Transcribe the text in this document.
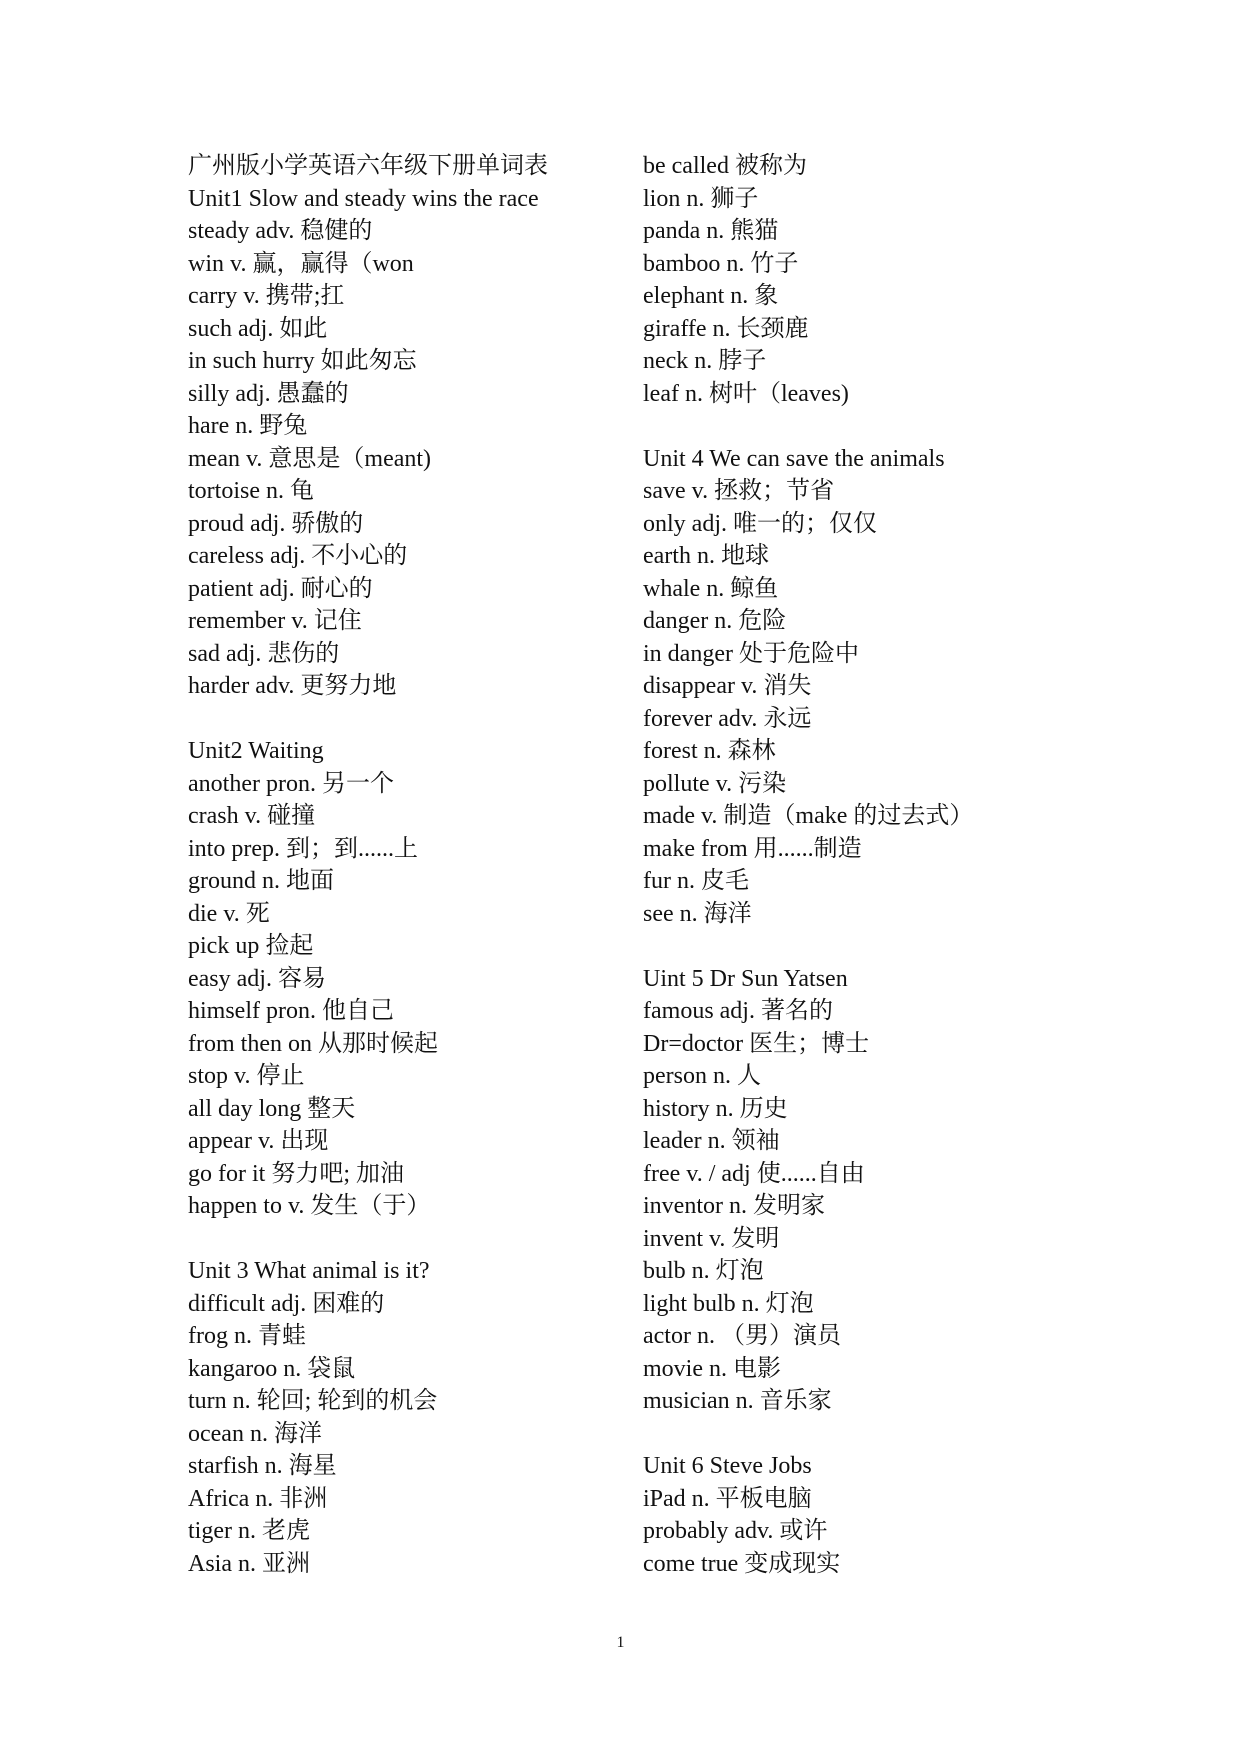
广州版小学英语六年级下册单词表
Unit1 Slow and steady wins the race
steady adv. 稳健的
win v. 赢，赢得（won
carry v. 携带;扛
such adj. 如此
in such hurry 如此匆忘
silly adj. 愚蠢的
hare n. 野兔
mean v. 意思是（meant)
tortoise n. 龟
proud adj. 骄傲的
careless adj. 不小心的
patient adj. 耐心的
remember v. 记住
sad adj. 悲伤的
harder adv. 更努力地
Unit2 Waiting
another pron. 另一个
crash v. 碰撞
into prep. 到；到......上
ground n. 地面
die v. 死
pick up 捡起
easy adj. 容易
himself pron. 他自己
from then on 从那时候起
stop v. 停止
all day long 整天
appear v. 出现
go for it 努力吧; 加油
happen to v. 发生（于）
Unit 3 What animal is it?
difficult adj. 困难的
frog n. 青蛙
kangaroo n. 袋鼠
turn n. 轮回; 轮到的机会
ocean n. 海洋
starfish n. 海星
Africa n. 非洲
tiger n. 老虎
Asia n. 亚洲
be called 被称为
lion n. 狮子
panda n. 熊猫
bamboo n. 竹子
elephant n. 象
giraffe n. 长颈鹿
neck n. 脖子
leaf n. 树叶（leaves)
Unit 4 We can save the animals
save v. 拯救；节省
only adj. 唯一的；仅仅
earth n. 地球
whale n. 鲸鱼
danger n. 危险
in danger 处于危险中
disappear v. 消失
forever adv. 永远
forest n. 森林
pollute v. 污染
made v. 制造（make 的过去式）
make from 用......制造
fur n. 皮毛
see n. 海洋
Uint 5 Dr Sun Yatsen
famous adj. 著名的
Dr=doctor 医生；博士
person n. 人
history n. 历史
leader n. 领袖
free v. / adj 使......自由
inventor n. 发明家
invent v. 发明
bulb n. 灯泡
light bulb n. 灯泡
actor n. （男）演员
movie n. 电影
musician n. 音乐家
Unit 6 Steve Jobs
iPad n. 平板电脑
probably adv. 或许
come true 变成现实
1
